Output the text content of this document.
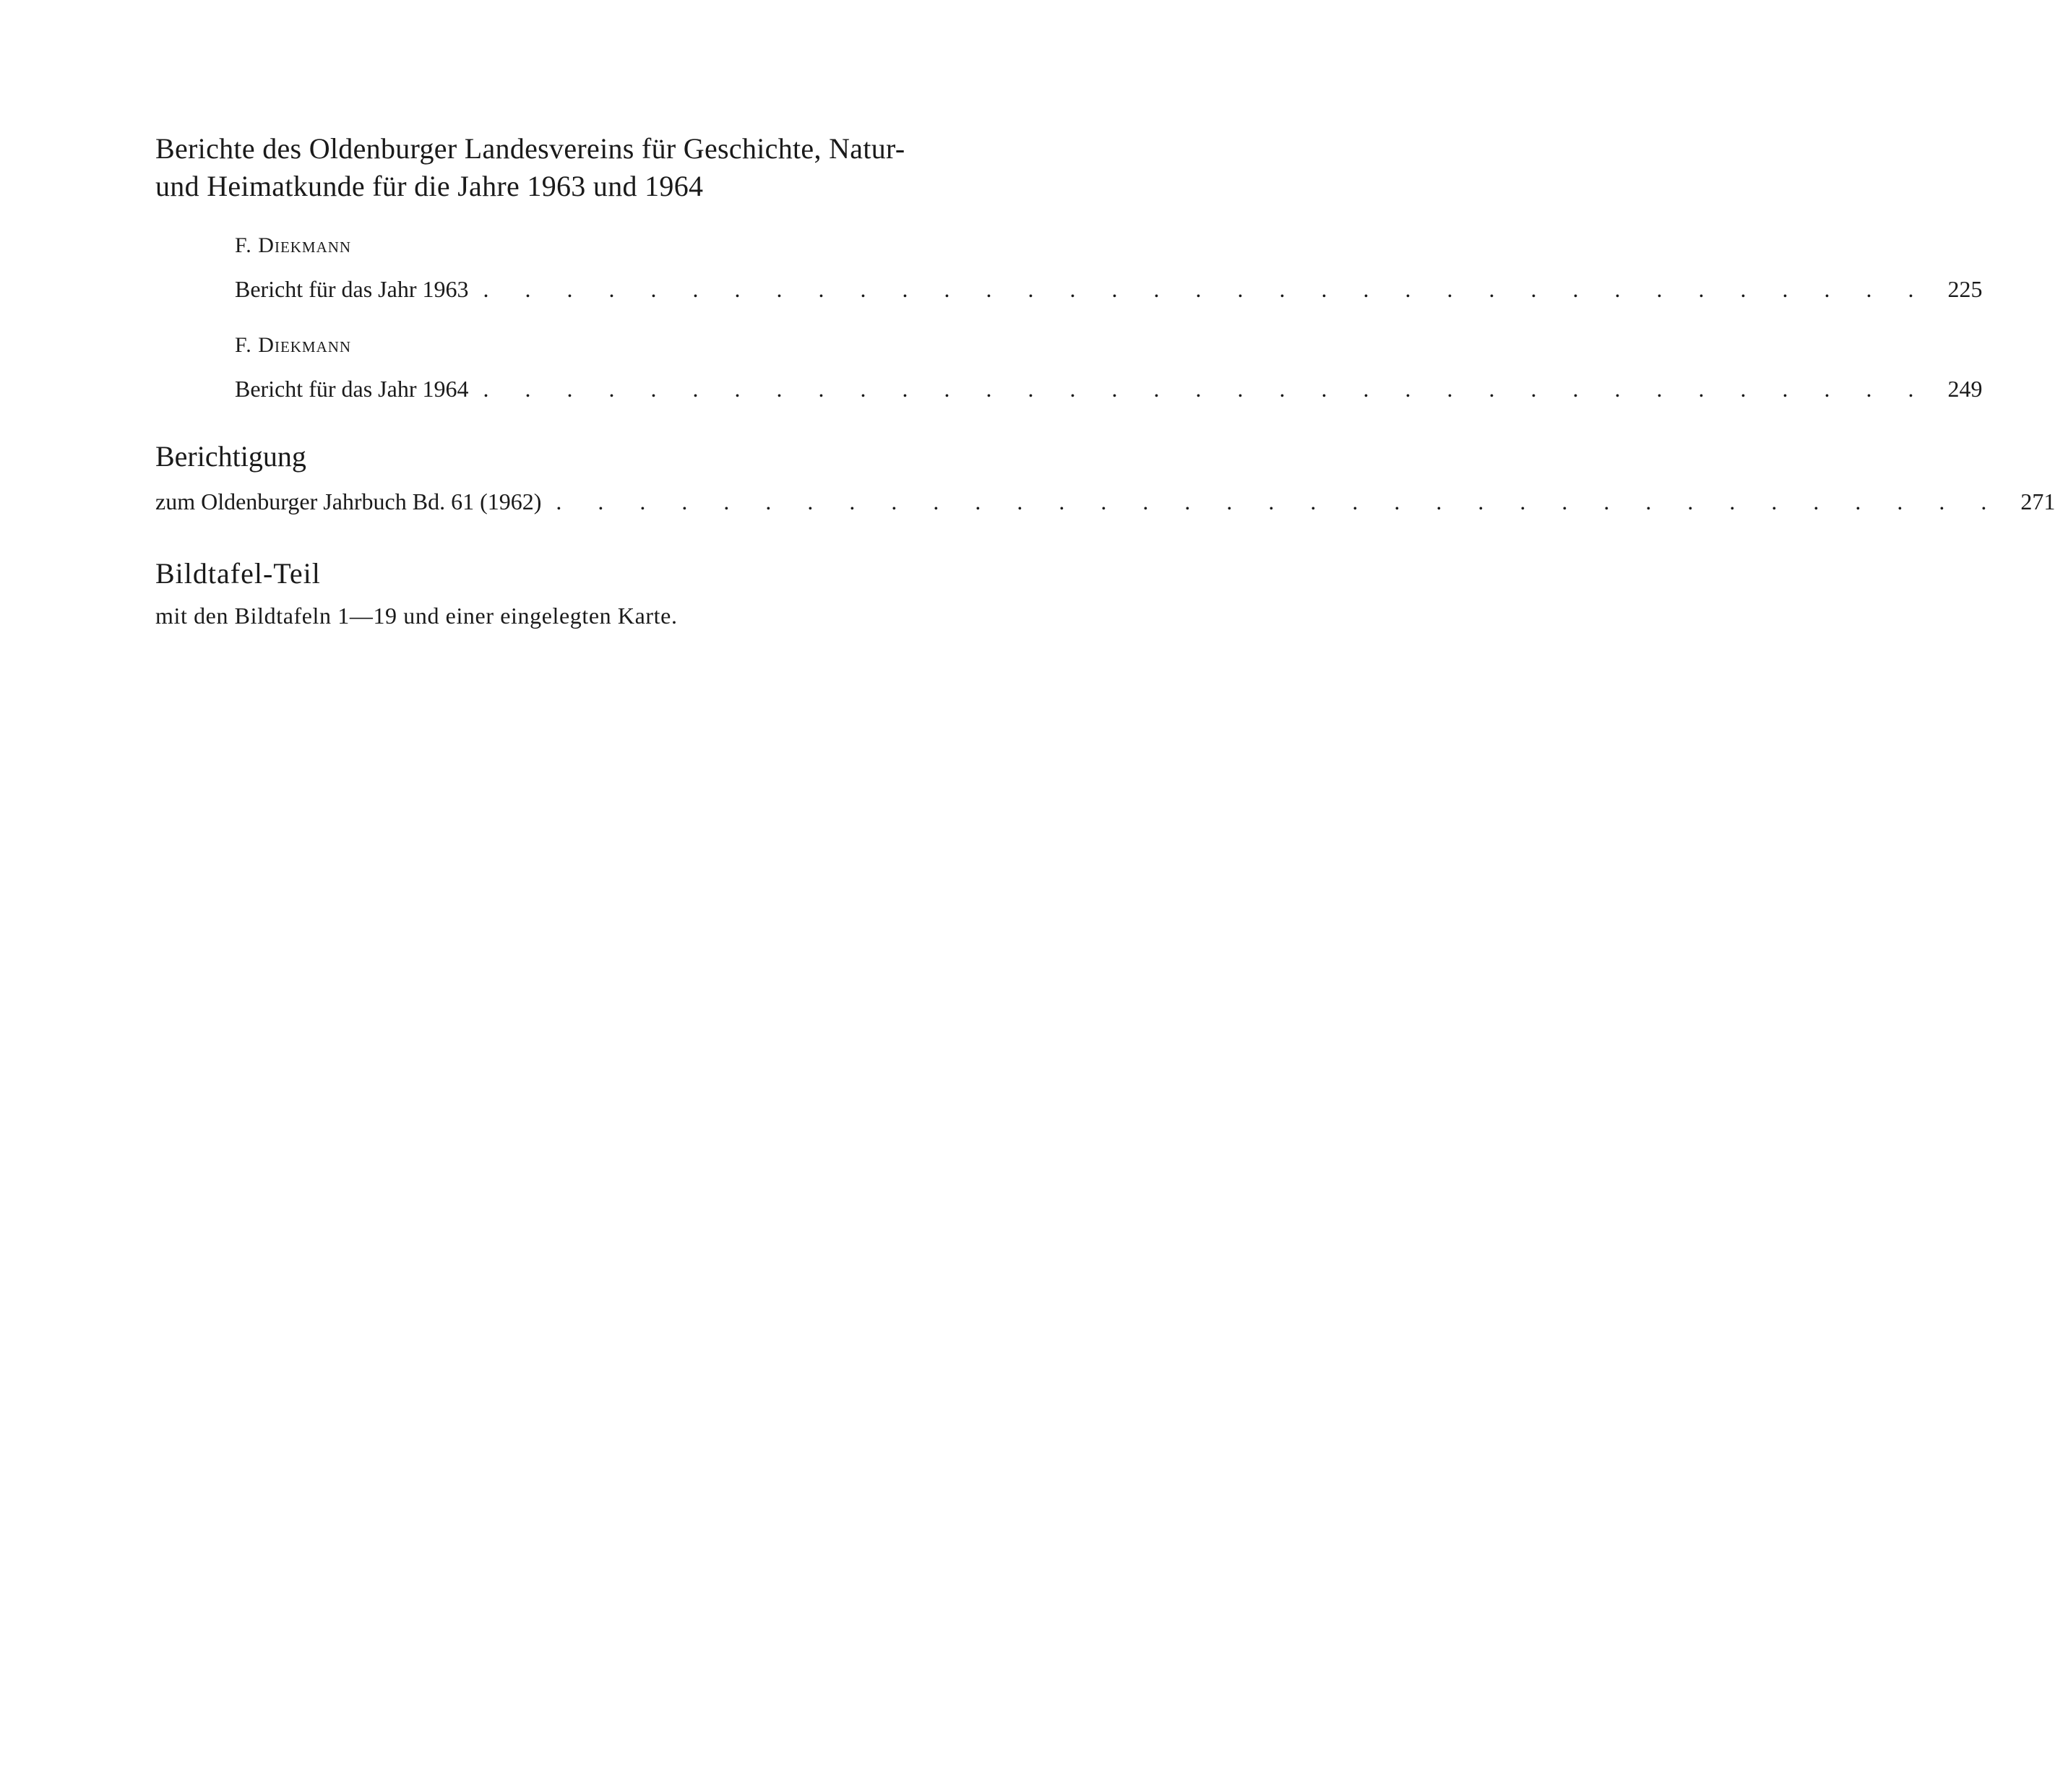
Berichte des Oldenburger Landesvereins für Geschichte, Natur-
und Heimatkunde für die Jahre 1963 und 1964

F. Diekmann

Bericht für das Jahr 1963 . . . . . . . . . . . . . . . . . . . . . . . . . . . . . . . . . . . 225

F. Diekmann

Bericht für das Jahr 1964 . . . . . . . . . . . . . . . . . . . . . . . . . . . . . . . . . . . 249
Berichtigung
zum Oldenburger Jahrbuch Bd. 61 (1962) . . . . . . . . . . . . . . . . . . . . . . . . . . . . . . . . . . . 271
Bildtafel-Teil
mit den Bildtafeln 1—19 und einer eingelegten Karte.
